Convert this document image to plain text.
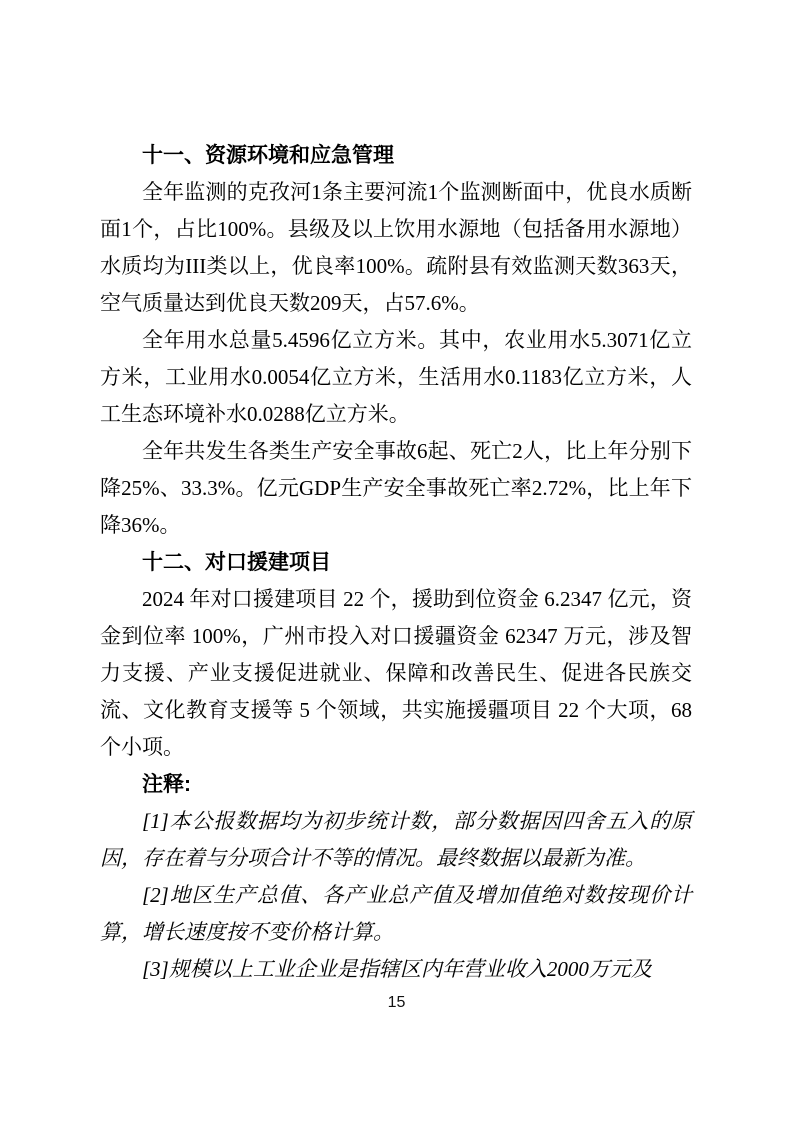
十一、资源环境和应急管理

全年监测的克孜河1条主要河流1个监测断面中，优良水质断面1个，占比100%。县级及以上饮用水源地（包括备用水源地）水质均为III类以上，优良率100%。疏附县有效监测天数363天，空气质量达到优良天数209天，占57.6%。

全年用水总量5.4596亿立方米。其中，农业用水5.3071亿立方米，工业用水0.0054亿立方米，生活用水0.1183亿立方米，人工生态环境补水0.0288亿立方米。

全年共发生各类生产安全事故6起、死亡2人，比上年分别下降25%、33.3%。亿元GDP生产安全事故死亡率2.72%，比上年下降36%。

十二、对口援建项目

2024 年对口援建项目 22 个，援助到位资金 6.2347 亿元，资金到位率 100%，广州市投入对口援疆资金 62347 万元，涉及智力支援、产业支援促进就业、保障和改善民生、促进各民族交流、文化教育支援等 5 个领域，共实施援疆项目 22 个大项，68 个小项。

注释:

[1]本公报数据均为初步统计数，部分数据因四舍五入的原因，存在着与分项合计不等的情况。最终数据以最新为准。

[2]地区生产总值、各产业总产值及增加值绝对数按现价计算，增长速度按不变价格计算。

[3]规模以上工业企业是指辖区内年营业收入2000万元及

15
